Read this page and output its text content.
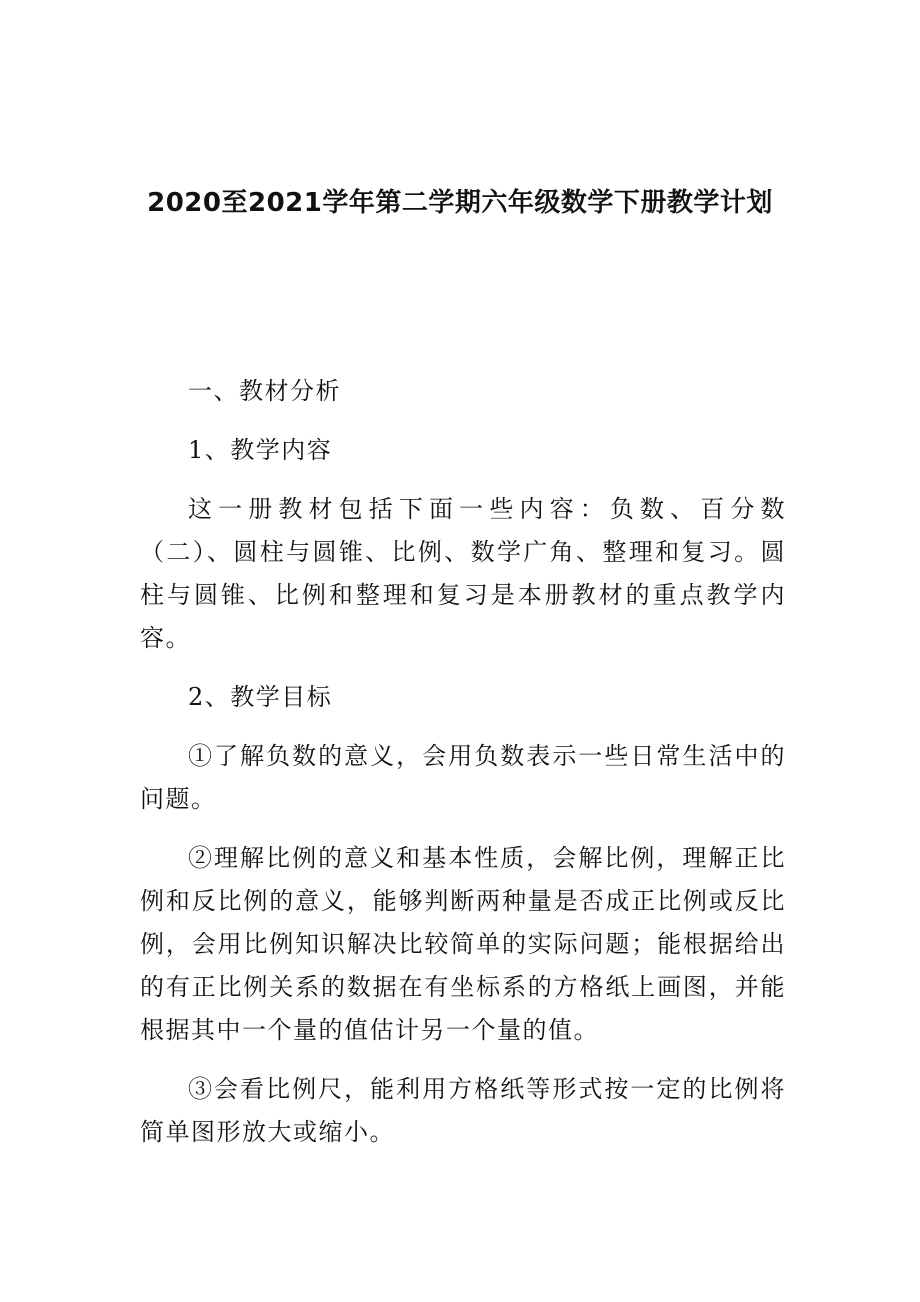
2020至2021学年第二学期六年级数学下册教学计划
一、教材分析
1、教学内容

这一册教材包括下面一些内容：负数、百分数（二）、圆柱与圆锥、比例、数学广角、整理和复习。圆柱与圆锥、比例和整理和复习是本册教材的重点教学内容。

2、教学目标

①了解负数的意义，会用负数表示一些日常生活中的问题。

②理解比例的意义和基本性质，会解比例，理解正比例和反比例的意义，能够判断两种量是否成正比例或反比例，会用比例知识解决比较简单的实际问题；能根据给出的有正比例关系的数据在有坐标系的方格纸上画图，并能根据其中一个量的值估计另一个量的值。

③会看比例尺，能利用方格纸等形式按一定的比例将简单图形放大或缩小。
